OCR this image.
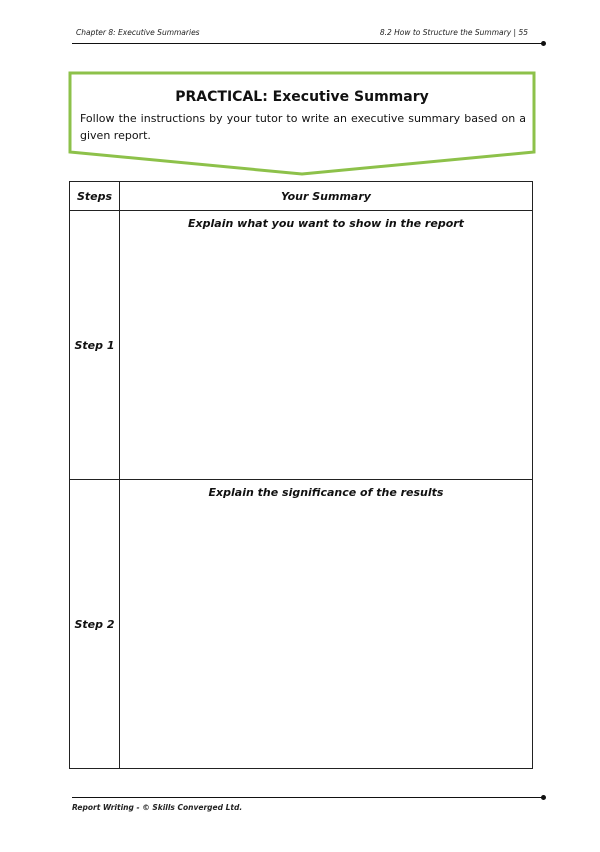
Chapter 8: Executive Summaries	8.2 How to Structure the Summary | 55
PRACTICAL: Executive Summary
Follow the instructions by your tutor to write an executive summary based on a given report.
Steps	Your Summary
Step 1	Explain what you want to show in the report

Step 2	Explain the significance of the results
Report Writing - © Skills Converged Ltd.
